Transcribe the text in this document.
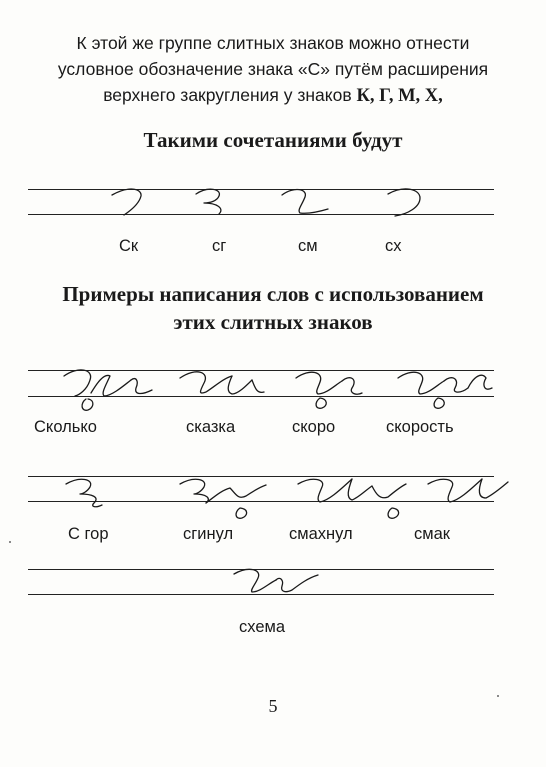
К этой же группе слитных знаков можно отнести
условное обозначение знака «С» путём расширения
верхнего закругления у знаков К, Г, М, Х,
Такими сочетаниями будут
Ск	сг	см	сх
Примеры написания слов с использованием
этих слитных знаков
Сколько	сказка	скоро	скорость
С гор	сгинул	смахнул	смак
схема
5
